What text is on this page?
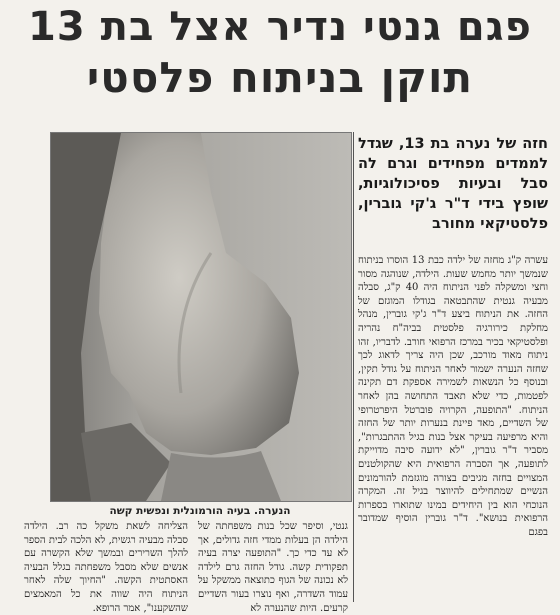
פגם גנטי נדיר אצל בת 13
תוקן בניתוח פלסטי
חזה של נערה בת 13, שגדל לממדים מפחידים וגרם לה סבל ובעיות פסיכולוגיות, שופץ בידי ד"ר ג'קי גוברין, פלסטיקאי מחורב
עשרה ק"ג מחזה של ילדה כבת 13 הוסרו בניתוח שנמשך יותר מחמש שעות. הילדה, שנוהגה מסור וחצי ומשקלה לפני הניתוח היה 40 ק"ג, סבלה מבעיה גנטית שהתבטאה בגודלו המוגזם של החזה. את הניתוח ביצע ד"ר ג'קי גוברין, מנהל מחלקת כירורגיה פלסטית בביה"ח נהריה ופלסטיקאי בכיר במרכז הרפואי חורב. לדבריו, זהו ניתוח מאוד מורכב, שכן היה צריך לדאוג לכך שחזה הנערה ישמור לאחר הניתוח על גודל תקין, ובנוסף כל הנשאות לשמירה אספקת דם תקינה לפטמות, כדי שלא תאבד התחושה בהן לאחר הניתוח. "התופעה, הקרויה פוברטל היפרטרופי של השדיים, מאד פיינת בנערות יותר של החזה והיא מרפיעה בעיקר אצל בנות בגיל ההתבגרות", מסביר ד"ר גוברין, "לא ידועה סיבה מדוייקת לתופעה, אך הסברה הרפואית היא שהקולטנים המצויים בחזה מגיבים בצורה מוגזמת להורמונים הנשיים שמתחילים להיווצר בגיל זה. המקרה הנוכחי הוא בין היחידים במינו שתוארו בספרות הרפואית בנושא". ד"ר גוברין הוסיף שמדובר בפגם
הנערה. בעיה הורמונלית ונפשית קשה
גנטי, וסיפר שכל בנות משפחתה של הילדה הן בעלות ממדי חזה גדולים, אך לא עד כדי כך. "התופעה יצרה בעיה תפקודית קשה. גודל החזה גרם לילדה לא נכונה של הגוף כתוצאה ממשקל על עמוד השדרה, ואף נוצרו בעור השדיים קרעים. היות שהנערה לא
הצליחה לשאת משקל כה רב. הילדה סבלה מבעיה רגשית, לא הלכה לבית הספר להלך השרירים ובמשך שלא הקשרה עם אנשים שלא מסבל משפחתה בגלל הבעיה האסתטית הקשה. "החיוך שלה לאחר הניתוח היה שווה את כל המאמצים שהשקענו", אמר הרופא.
